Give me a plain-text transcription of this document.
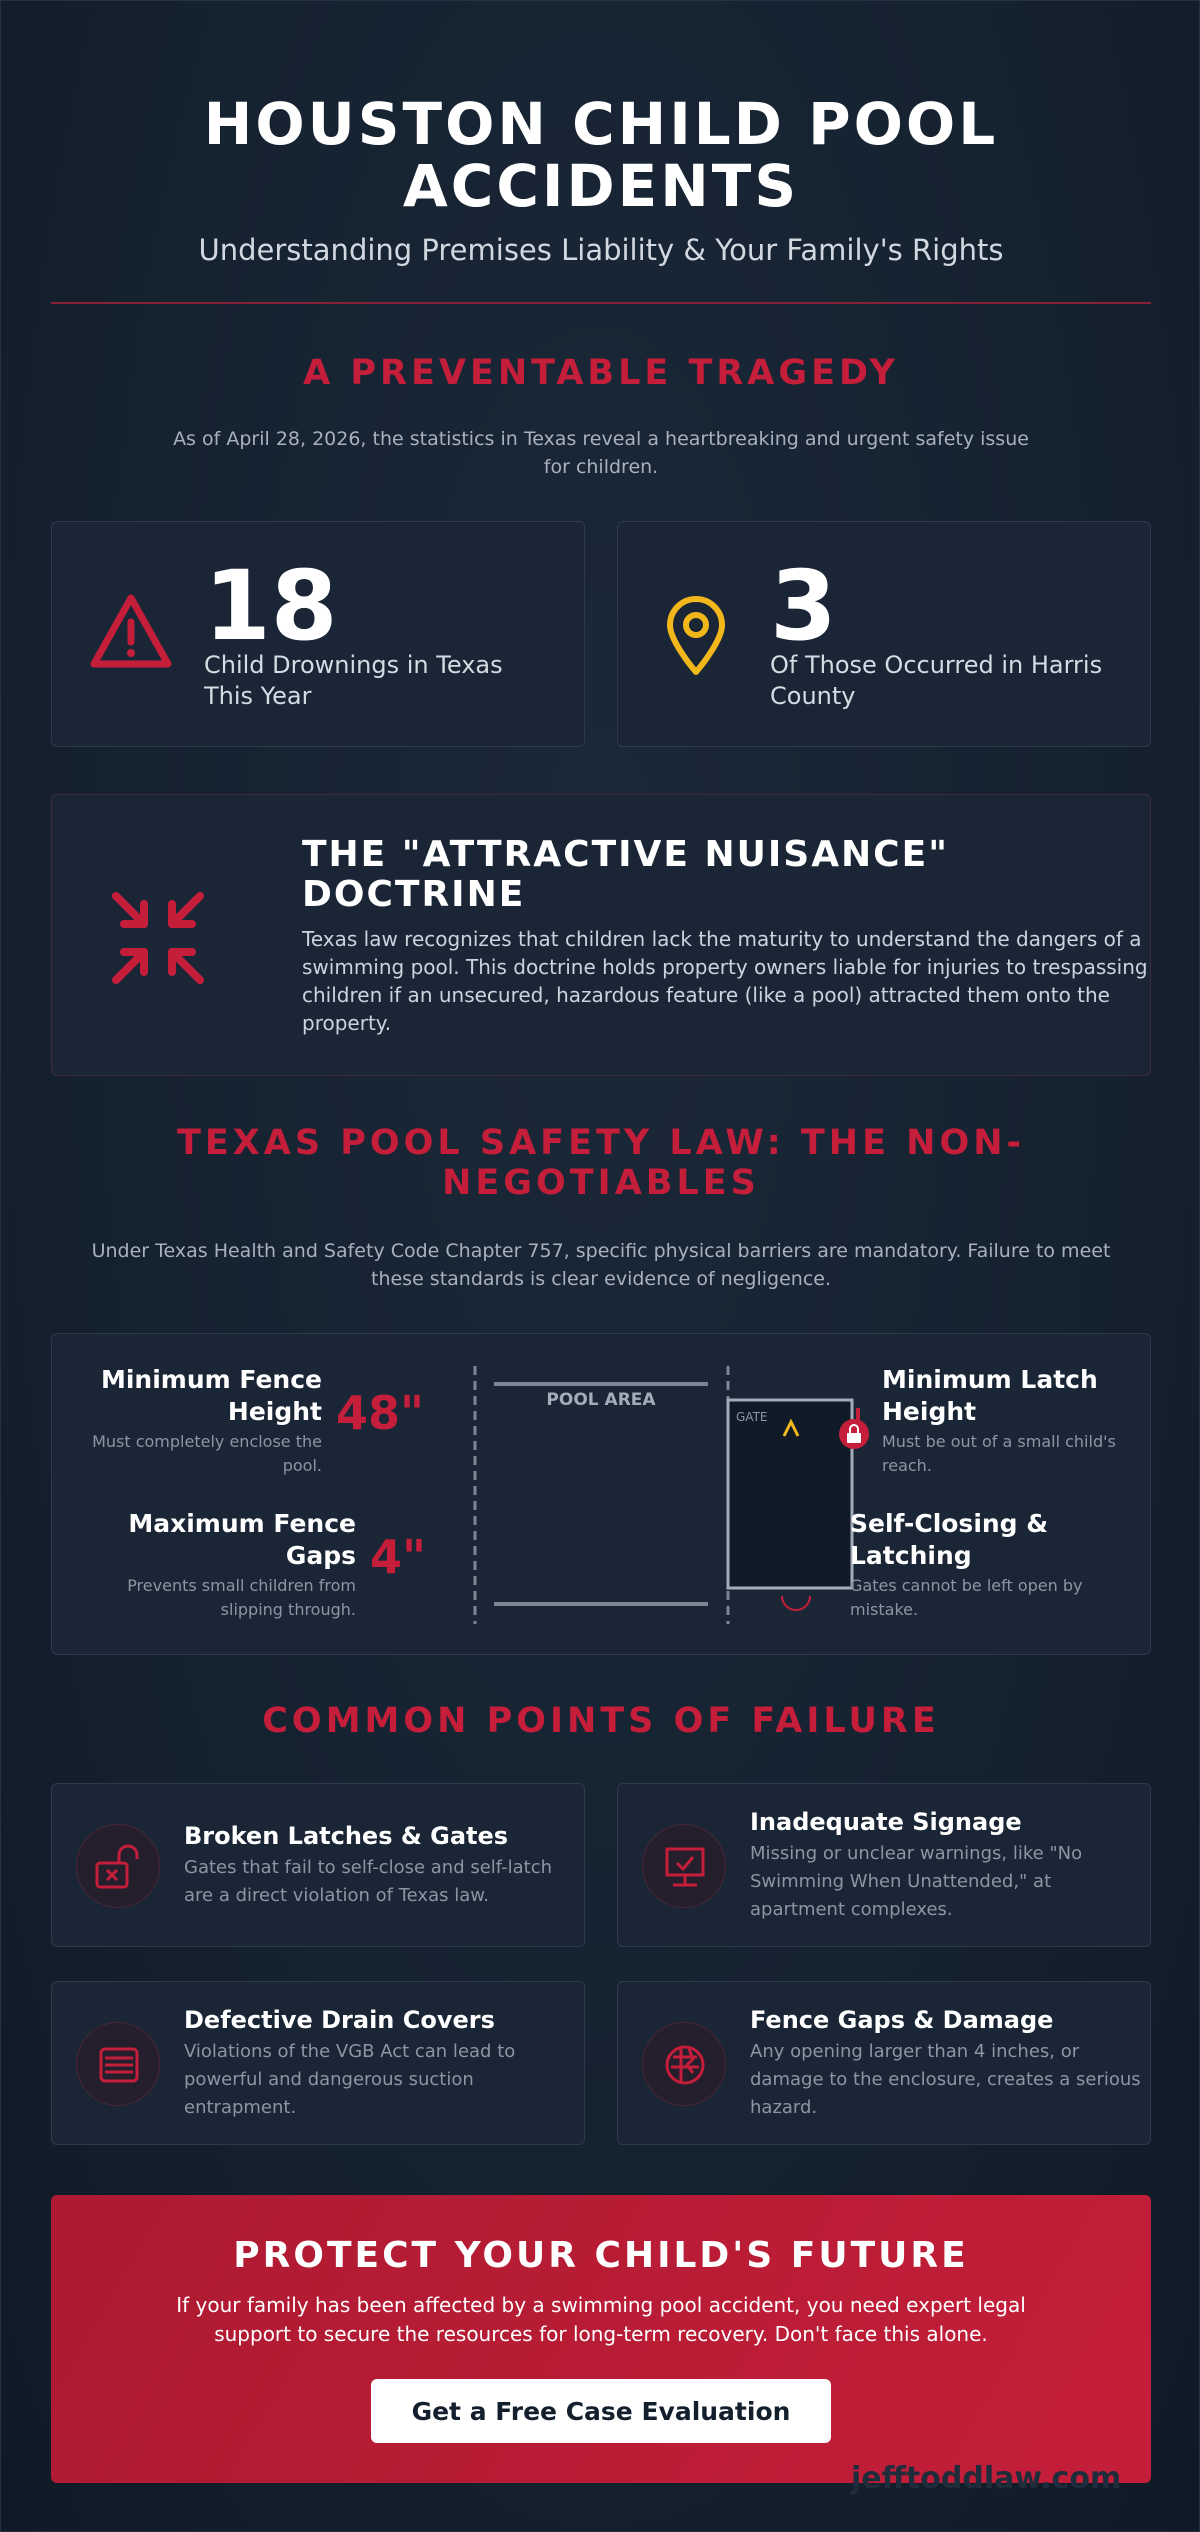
HOUSTON CHILD POOL ACCIDENTS
Understanding Premises Liability & Your Family's Rights
A PREVENTABLE TRAGEDY
As of April 28, 2026, the statistics in Texas reveal a heartbreaking and urgent safety issue for children.
18
Child Drownings in Texas This Year
3
Of Those Occurred in Harris County
THE "ATTRACTIVE NUISANCE" DOCTRINE
Texas law recognizes that children lack the maturity to understand the dangers of a swimming pool. This doctrine holds property owners liable for injuries to trespassing children if an unsecured, hazardous feature (like a pool) attracted them onto the property.
TEXAS POOL SAFETY LAW: THE NON-NEGOTIABLES
Under Texas Health and Safety Code Chapter 757, specific physical barriers are mandatory. Failure to meet these standards is clear evidence of negligence.
POOL AREA
GATE
Minimum Fence Height
Must completely enclose the pool.
48"
Maximum Fence Gaps
Prevents small children from slipping through.
4"
Minimum Latch Height
Must be out of a small child's reach.
Self-Closing & Latching
Gates cannot be left open by mistake.
COMMON POINTS OF FAILURE
Broken Latches & Gates
Gates that fail to self-close and self-latch are a direct violation of Texas law.
Inadequate Signage
Missing or unclear warnings, like "No Swimming When Unattended," at apartment complexes.
Defective Drain Covers
Violations of the VGB Act can lead to powerful and dangerous suction entrapment.
Fence Gaps & Damage
Any opening larger than 4 inches, or damage to the enclosure, creates a serious hazard.
PROTECT YOUR CHILD'S FUTURE
If your family has been affected by a swimming pool accident, you need expert legal support to secure the resources for long-term recovery. Don't face this alone.
Get a Free Case Evaluation
jefftoddlaw.com
